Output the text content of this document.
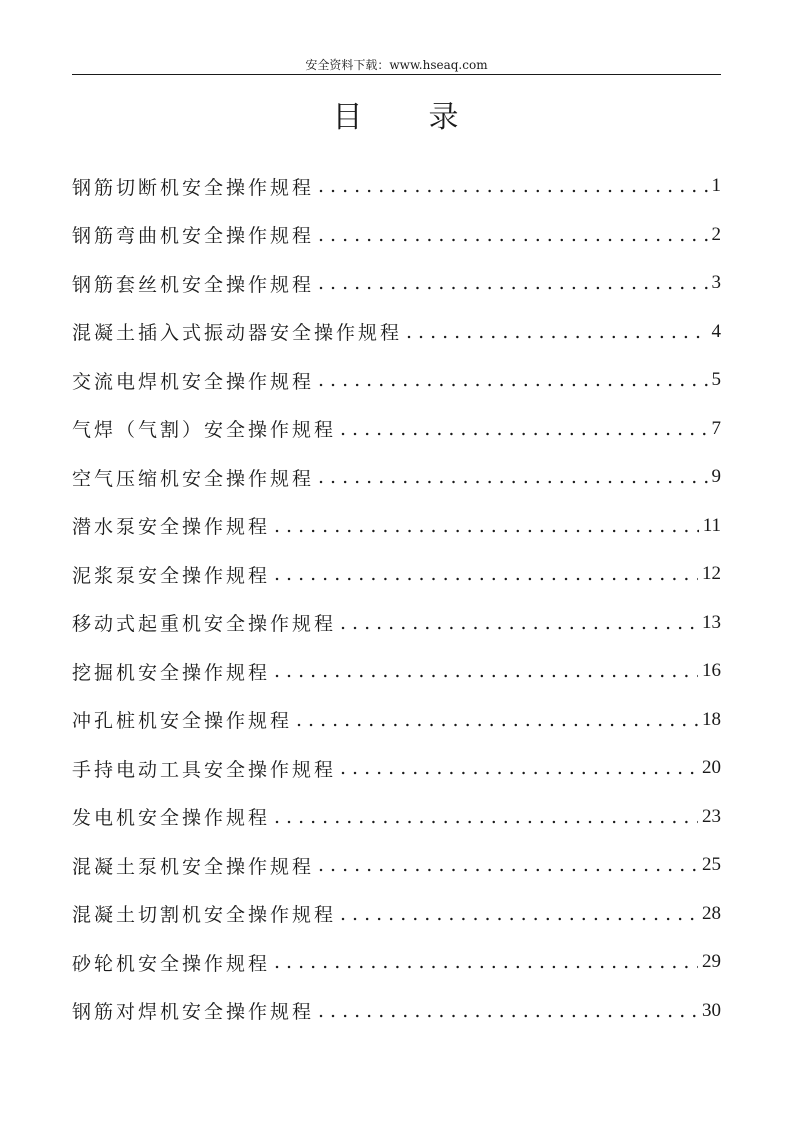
安全资料下载：www.hseaq.com
目 录
钢筋切断机安全操作规程 .....	1
钢筋弯曲机安全操作规程 .....	2
钢筋套丝机安全操作规程 .....	3
混凝土插入式振动器安全操作规程 .....	4
交流电焊机安全操作规程 .....	5
气焊（气割）安全操作规程 .....	7
空气压缩机安全操作规程 .....	9
潜水泵安全操作规程 .....	11
泥浆泵安全操作规程 .....	12
移动式起重机安全操作规程 .....	13
挖掘机安全操作规程 .....	16
冲孔桩机安全操作规程 .....	18
手持电动工具安全操作规程 .....	20
发电机安全操作规程 .....	23
混凝土泵机安全操作规程 .....	25
混凝土切割机安全操作规程 .....	28
砂轮机安全操作规程 .....	29
钢筋对焊机安全操作规程 .....	30
